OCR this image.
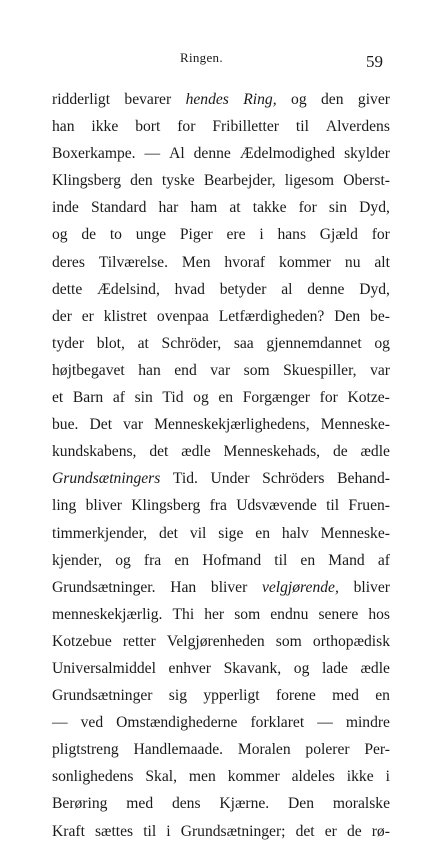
Ringen.	59
ridderligt bevarer hendes Ring, og den giver
han ikke bort for Fribilletter til Alverdens
Boxerkampe. — Al denne Ædelmodighed skylder
Klingsberg den tyske Bearbejder, ligesom Oberst-
inde Standard har ham at takke for sin Dyd,
og de to unge Piger ere i hans Gjæld for
deres Tilværelse. Men hvoraf kommer nu alt
dette Ædelsind, hvad betyder al denne Dyd,
der er klistret ovenpaa Letfærdigheden? Den be-
tyder blot, at Schröder, saa gjennemdannet og
højtbegavet han end var som Skuespiller, var
et Barn af sin Tid og en Forgænger for Kotze-
bue. Det var Menneskekjærlighedens, Menneske-
kundskabens, det ædle Menneskehads, de ædle
Grundsætningers Tid. Under Schröders Behand-
ling bliver Klingsberg fra Udsvævende til Fruen-
timmerkjender, det vil sige en halv Menneske-
kjender, og fra en Hofmand til en Mand af
Grundsætninger. Han bliver velgjørende, bliver
menneskekjærlig. Thi her som endnu senere hos
Kotzebue retter Velgjørenheden som orthopædisk
Universalmiddel enhver Skavank, og lade ædle
Grundsætninger sig ypperligt forene med en
— ved Omstændighederne forklaret — mindre
pligtstreng Handlemaade. Moralen polerer Per-
sonlighedens Skal, men kommer aldeles ikke i
Berøring med dens Kjærne. Den moralske
Kraft sættes til i Grundsætninger; det er de rø-
